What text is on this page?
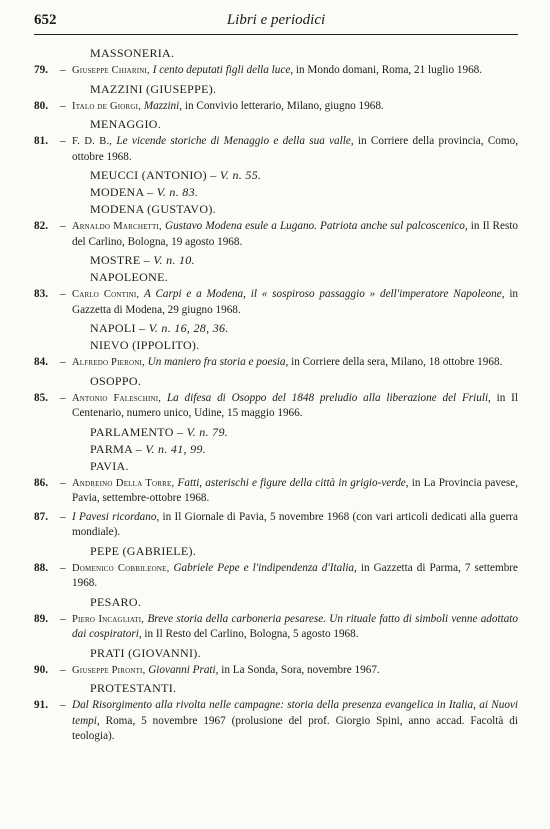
652	Libri e periodici
MASSONERIA.
79.	– Giuseppe Chiarini, I cento deputati figli della luce, in Mondo domani, Roma, 21 luglio 1968.
MAZZINI (GIUSEPPE).
80.	– Italo de Giorgi, Mazzini, in Convivio letterario, Milano, giugno 1968.
MENAGGIO.
81.	– F. D. B., Le vicende storiche di Menaggio e della sua valle, in Corriere della provincia, Como, ottobre 1968.
MEUCCI (ANTONIO) – V. n. 55.
MODENA – V. n. 83.
MODENA (GUSTAVO).
82.	– Arnaldo Marchetti, Gustavo Modena esule a Lugano. Patriota anche sul palcoscenico, in Il Resto del Carlino, Bologna, 19 agosto 1968.
MOSTRE – V. n. 10.
NAPOLEONE.
83.	– Carlo Contini, A Carpi e a Modena, il « sospiroso passaggio » dell'imperatore Napoleone, in Gazzetta di Modena, 29 giugno 1968.
NAPOLI – V. n. 16, 28, 36.
NIEVO (IPPOLITO).
84.	– Alfredo Pieroni, Un maniero fra storia e poesia, in Corriere della sera, Milano, 18 ottobre 1968.
OSOPPO.
85.	– Antonio Faleschini, La difesa di Osoppo del 1848 preludio alla liberazione del Friuli, in Il Centenario, numero unico, Udine, 15 maggio 1966.
PARLAMENTO – V. n. 79.
PARMA – V. n. 41, 99.
PAVIA.
86.	– Andreino Della Torre, Fatti, asterischi e figure della città in grigio-verde, in La Provincia pavese, Pavia, settembre-ottobre 1968.
87.	– I Pavesi ricordano, in Il Giornale di Pavia, 5 novembre 1968 (con vari articoli dedicati alla guerra mondiale).
PEPE (GABRIELE).
88.	– Domenico Cobbileone, Gabriele Pepe e l'indipendenza d'Italia, in Gazzetta di Parma, 7 settembre 1968.
PESARO.
89.	– Piero Incagliati, Breve storia della carboneria pesarese. Un rituale fatto di simboli venne adottato dai cospiratori, in Il Resto del Carlino, Bologna, 5 agosto 1968.
PRATI (GIOVANNI).
90.	– Giuseppe Pironti, Giovanni Prati, in La Sonda, Sora, novembre 1967.
PROTESTANTI.
91.	– Dal Risorgimento alla rivolta nelle campagne: storia della presenza evangelica in Italia, ai Nuovi tempi, Roma, 5 novembre 1967 (prolusione del prof. Giorgio Spini, anno accad. Facoltà di teologia).
